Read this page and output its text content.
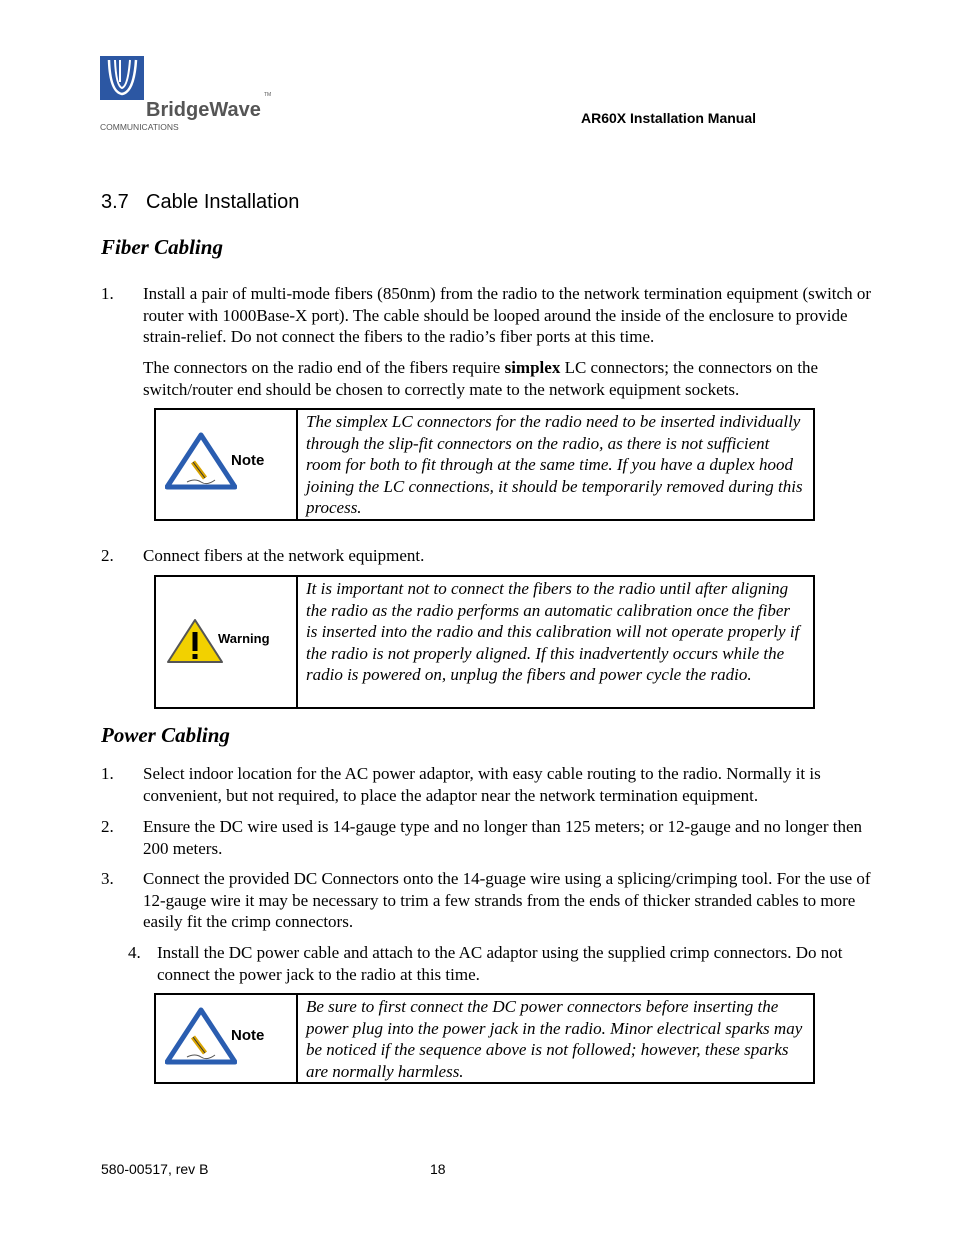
BridgeWave
COMMUNICATIONS
TM
AR60X Installation Manual
3.7 Cable Installation
Fiber Cabling
1. Install a pair of multi-mode fibers (850nm) from the radio to the network termination equipment (switch or router with 1000Base-X port). The cable should be looped around the inside of the enclosure to provide strain-relief. Do not connect the fibers to the radio’s fiber ports at this time.
The connectors on the radio end of the fibers require simplex LC connectors; the connectors on the switch/router end should be chosen to correctly mate to the network equipment sockets.
Note
The simplex LC connectors for the radio need to be inserted individually through the slip-fit connectors on the radio, as there is not sufficient room for both to fit through at the same time. If you have a duplex hood joining the LC connections, it should be temporarily removed during this process.
2. Connect fibers at the network equipment.
Warning
It is important not to connect the fibers to the radio until after aligning the radio as the radio performs an automatic calibration once the fiber is inserted into the radio and this calibration will not operate properly if the radio is not properly aligned. If this inadvertently occurs while the radio is powered on, unplug the fibers and power cycle the radio.
Power Cabling
1. Select indoor location for the AC power adaptor, with easy cable routing to the radio. Normally it is convenient, but not required, to place the adaptor near the network termination equipment.
2. Ensure the DC wire used is 14-gauge type and no longer than 125 meters; or 12-gauge and no longer then 200 meters.
3. Connect the provided DC Connectors onto the 14-guage wire using a splicing/crimping tool. For the use of 12-gauge wire it may be necessary to trim a few strands from the ends of thicker stranded cables to more easily fit the crimp connectors.
4. Install the DC power cable and attach to the AC adaptor using the supplied crimp connectors. Do not connect the power jack to the radio at this time.
Note
Be sure to first connect the DC power connectors before inserting the power plug into the power jack in the radio. Minor electrical sparks may be noticed if the sequence above is not followed; however, these sparks are normally harmless.
580-00517, rev B	18
